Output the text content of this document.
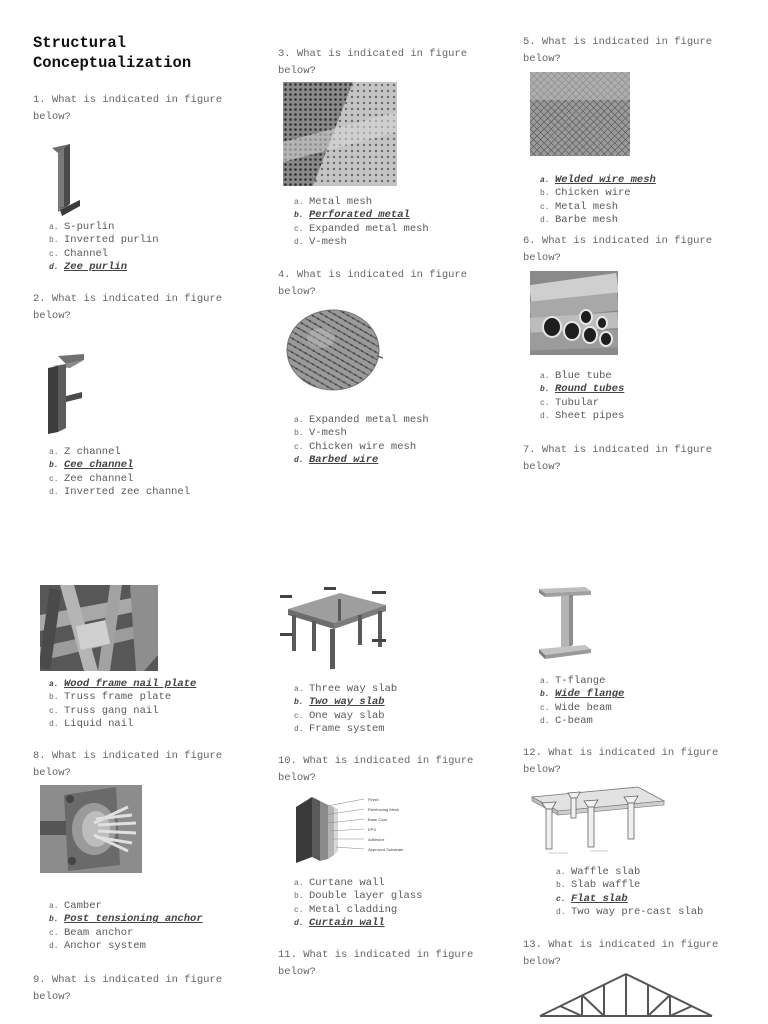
Structural Conceptualization

1. What is indicated in figure below?

a. S-purlin
b. Inverted purlin
c. Channel
d. Zee purlin

2. What is indicated in figure below?

a. Z channel
b. Cee channel
c. Zee channel
d. Inverted zee channel
a. Wood frame nail plate
b. Truss frame plate
c. Truss gang nail
d. Liquid nail

8. What is indicated in figure below?

a. Camber
b. Post tensioning anchor
c. Beam anchor
d. Anchor system

9. What is indicated in figure below?

3. What is indicated in figure below?

a. Metal mesh
b. Perforated metal
c. Expanded metal mesh
d. V-mesh

4. What is indicated in figure below?

a. Expanded metal mesh
b. V-mesh
c. Chicken wire mesh
d. Barbed wire
a. Three way slab
b. Two way slab
c. One way slab
d. Frame system

10. What is indicated in figure below?

Finish
Reinforcing Mesh
Base Coat
EPS
Adhesive
Approved Substrate
a. Curtane wall
b. Double layer glass
c. Metal cladding
d. Curtain wall

11. What is indicated in figure below?

5. What is indicated in figure below?

a. Welded wire mesh
b. Chicken wire
c. Metal mesh
d. Barbe mesh

6. What is indicated in figure below?

a. Blue tube
b. Round tubes
c. Tubular
d. Sheet pipes

7. What is indicated in figure below?

a. T-flange
b. Wide flange
c. Wide beam
d. C-beam

12. What is indicated in figure below?

a. Waffle slab
b. Slab waffle
c. Flat slab
d. Two way pre-cast slab

13. What is indicated in figure below?
